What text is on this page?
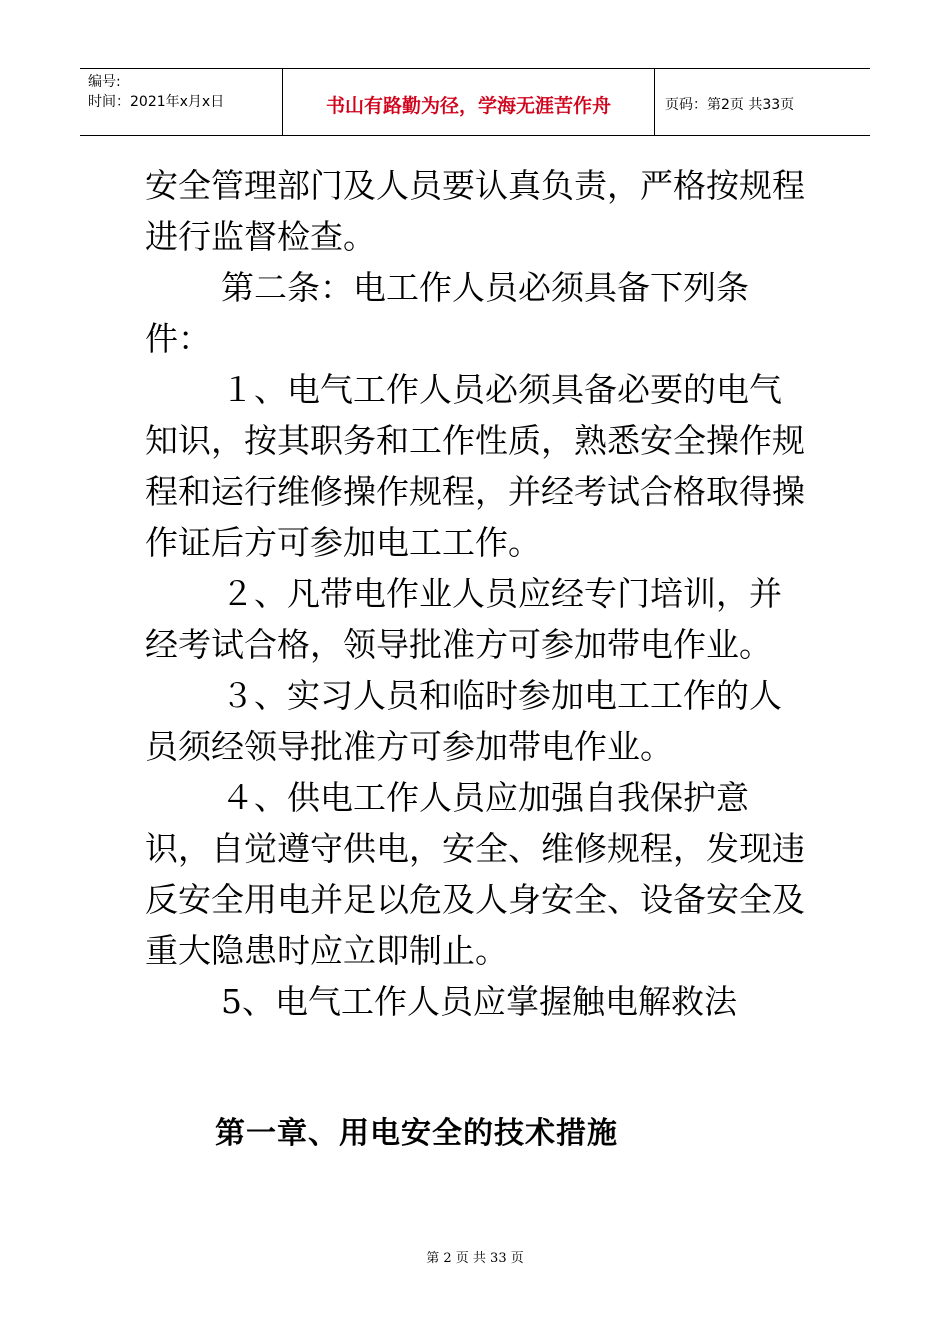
编号:
时间：2021年x月x日	书山有路勤为径，学海无涯苦作舟	页码：第2页 共33页

安全管理部门及人员要认真负责，严格按规程进行监督检查。

第二条：电工作人员必须具备下列条件：

１、电气工作人员必须具备必要的电气知识，按其职务和工作性质，熟悉安全操作规程和运行维修操作规程，并经考试合格取得操作证后方可参加电工工作。

２、凡带电作业人员应经专门培训，并经考试合格，领导批准方可参加带电作业。

３、实习人员和临时参加电工工作的人员须经领导批准方可参加带电作业。

４、供电工作人员应加强自我保护意识，自觉遵守供电，安全、维修规程，发现违反安全用电并足以危及人身安全、设备安全及重大隐患时应立即制止。

5、电气工作人员应掌握触电解救法

第一章、用电安全的技术措施
第 2 页 共 33 页
